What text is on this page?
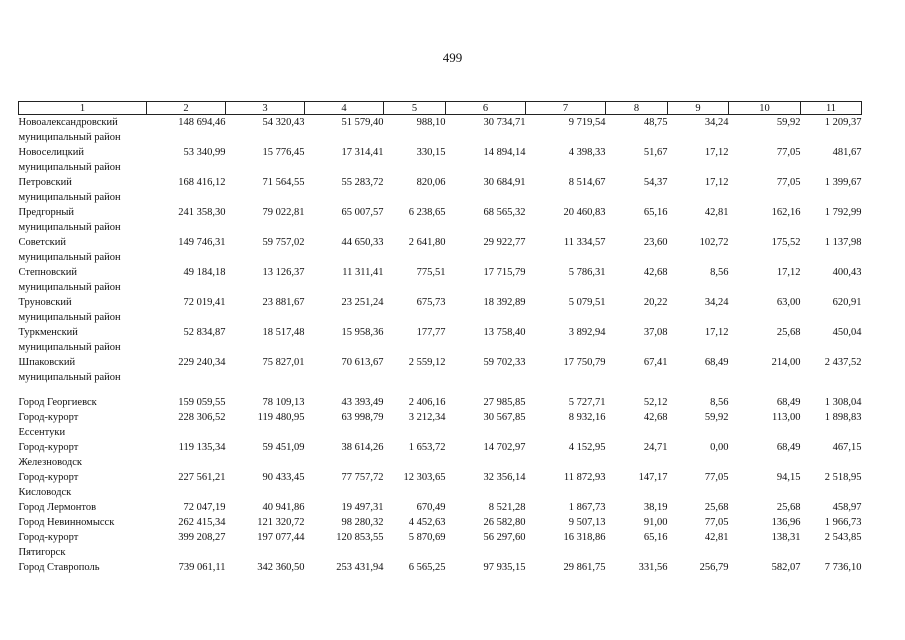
499
1	2	3	4	5	6	7	8	9	10	11

Новоалександровский
муниципальный район	148 694,46	54 320,43	51 579,40	988,10	30 734,71	9 719,54	48,75	34,24	59,92	1 209,37

Новоселицкий
муниципальный район	53 340,99	15 776,45	17 314,41	330,15	14 894,14	4 398,33	51,67	17,12	77,05	481,67

Петровский
муниципальный район	168 416,12	71 564,55	55 283,72	820,06	30 684,91	8 514,67	54,37	17,12	77,05	1 399,67

Предгорный
муниципальный район	241 358,30	79 022,81	65 007,57	6 238,65	68 565,32	20 460,83	65,16	42,81	162,16	1 792,99

Советский
муниципальный район	149 746,31	59 757,02	44 650,33	2 641,80	29 922,77	11 334,57	23,60	102,72	175,52	1 137,98

Степновский
муниципальный район	49 184,18	13 126,37	11 311,41	775,51	17 715,79	5 786,31	42,68	8,56	17,12	400,43

Труновский
муниципальный район	72 019,41	23 881,67	23 251,24	675,73	18 392,89	5 079,51	20,22	34,24	63,00	620,91

Туркменский
муниципальный район	52 834,87	18 517,48	15 958,36	177,77	13 758,40	3 892,94	37,08	17,12	25,68	450,04

Шпаковский
муниципальный район	229 240,34	75 827,01	70 613,67	2 559,12	59 702,33	17 750,79	67,41	68,49	214,00	2 437,52

Город Георгиевск	159 059,55	78 109,13	43 393,49	2 406,16	27 985,85	5 727,71	52,12	8,56	68,49	1 308,04

Город-курорт
Ессентуки	228 306,52	119 480,95	63 998,79	3 212,34	30 567,85	8 932,16	42,68	59,92	113,00	1 898,83

Город-курорт
Железноводск	119 135,34	59 451,09	38 614,26	1 653,72	14 702,97	4 152,95	24,71	0,00	68,49	467,15

Город-курорт
Кисловодск	227 561,21	90 433,45	77 757,72	12 303,65	32 356,14	11 872,93	147,17	77,05	94,15	2 518,95

Город Лермонтов	72 047,19	40 941,86	19 497,31	670,49	8 521,28	1 867,73	38,19	25,68	25,68	458,97

Город Невинномысск	262 415,34	121 320,72	98 280,32	4 452,63	26 582,80	9 507,13	91,00	77,05	136,96	1 966,73

Город-курорт
Пятигорск	399 208,27	197 077,44	120 853,55	5 870,69	56 297,60	16 318,86	65,16	42,81	138,31	2 543,85

Город Ставрополь	739 061,11	342 360,50	253 431,94	6 565,25	97 935,15	29 861,75	331,56	256,79	582,07	7 736,10
